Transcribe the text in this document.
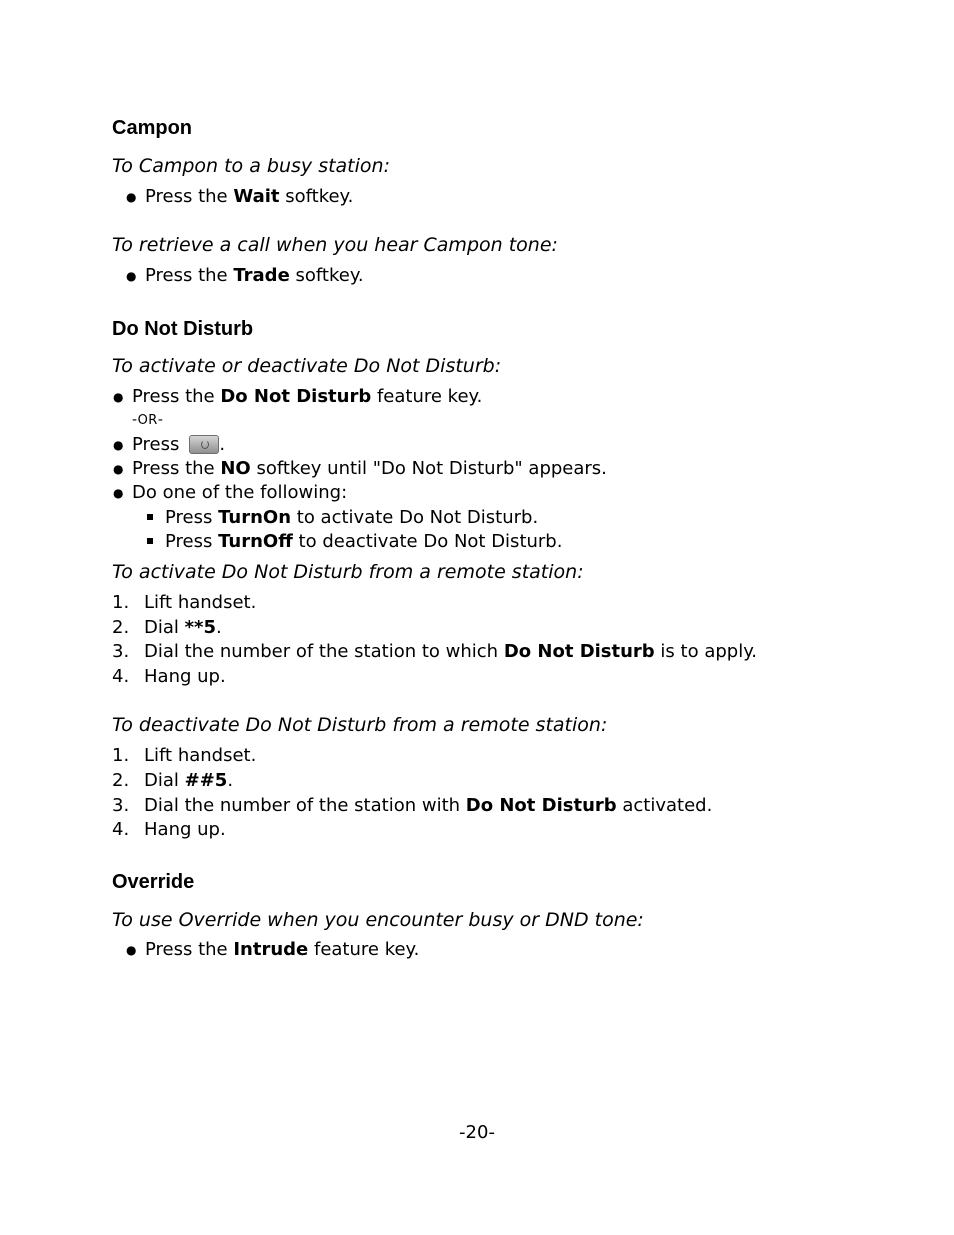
Campon
To Campon to a busy station:
● Press the Wait softkey.
To retrieve a call when you hear Campon tone:
● Press the Trade softkey.
Do Not Disturb
To activate or deactivate Do Not Disturb:
● Press the Do Not Disturb feature key.
-OR-
● Press .
● Press the NO softkey until "Do Not Disturb" appears.
● Do one of the following:
Press TurnOn to activate Do Not Disturb.
Press TurnOff to deactivate Do Not Disturb.
To activate Do Not Disturb from a remote station:
1. Lift handset.
2. Dial **5.
3. Dial the number of the station to which Do Not Disturb is to apply.
4. Hang up.
To deactivate Do Not Disturb from a remote station:
1. Lift handset.
2. Dial ##5.
3. Dial the number of the station with Do Not Disturb activated.
4. Hang up.
Override
To use Override when you encounter busy or DND tone:
● Press the Intrude feature key.
-20-
